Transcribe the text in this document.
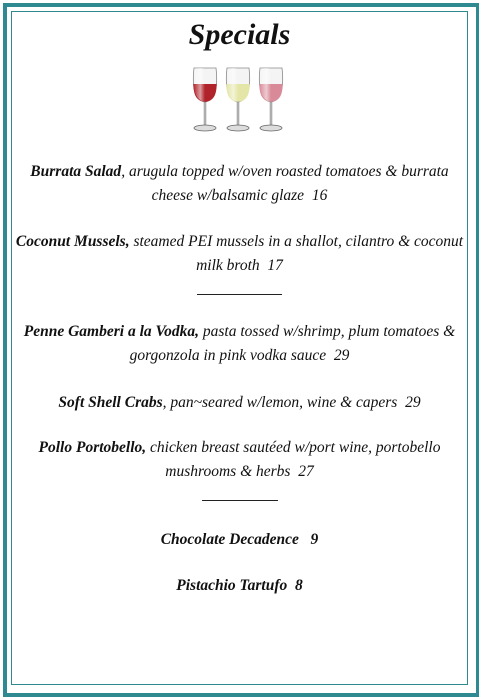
Specials
Burrata Salad, arugula topped w/oven roasted tomatoes & burrata cheese w/balsamic glaze 16
Coconut Mussels, steamed PEI mussels in a shallot, cilantro & coconut milk broth 17
Penne Gamberi a la Vodka, pasta tossed w/shrimp, plum tomatoes & gorgonzola in pink vodka sauce 29
Soft Shell Crabs, pan~seared w/lemon, wine & capers 29
Pollo Portobello, chicken breast sautéed w/port wine, portobello mushrooms & herbs 27
Chocolate Decadence 9
Pistachio Tartufo 8
